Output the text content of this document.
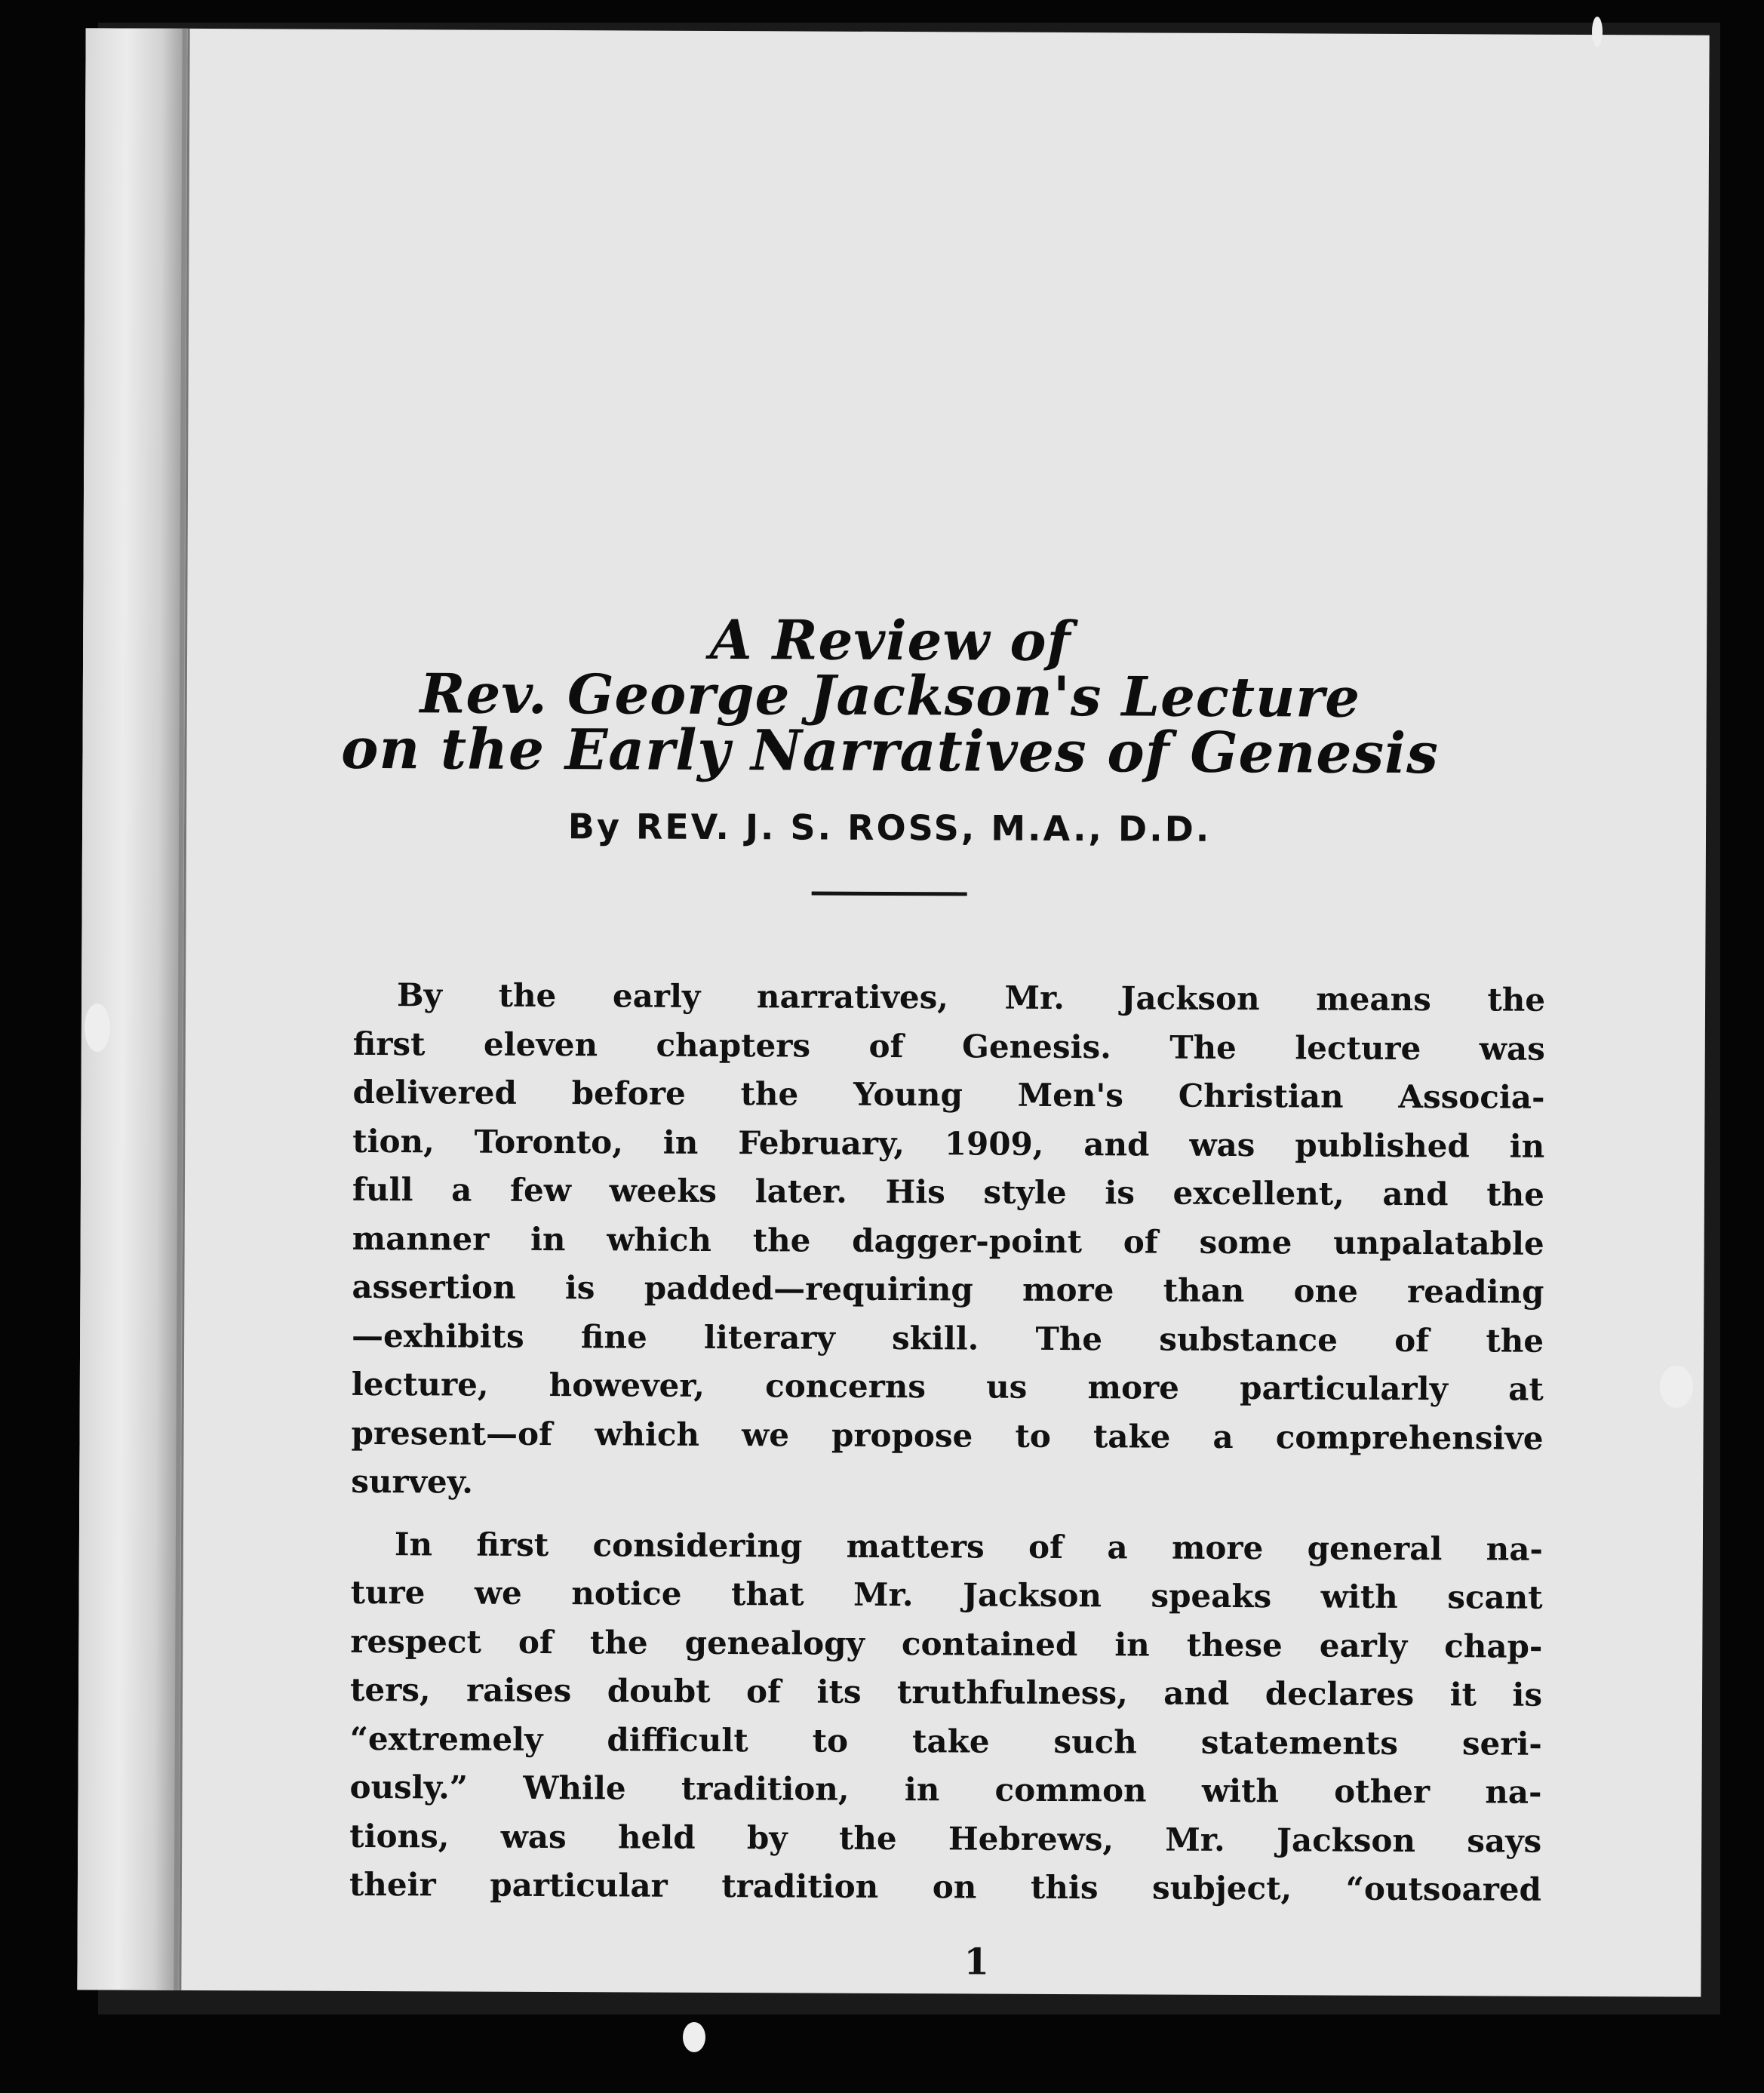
A Review of
Rev. George Jackson's Lecture
on the Early Narratives of Genesis
By REV. J. S. ROSS, M.A., D.D.
By the early narratives, Mr. Jackson means the
first eleven chapters of Genesis. The lecture was
delivered before the Young Men's Christian Associa-
tion, Toronto, in February, 1909, and was published in
full a few weeks later. His style is excellent, and the
manner in which the dagger-point of some unpalatable
assertion is padded—requiring more than one reading
—exhibits fine literary skill. The substance of the
lecture, however, concerns us more particularly at
present—of which we propose to take a comprehensive
survey.
In first considering matters of a more general na-
ture we notice that Mr. Jackson speaks with scant
respect of the genealogy contained in these early chap-
ters, raises doubt of its truthfulness, and declares it is
“extremely difficult to take such statements seri-
ously.” While tradition, in common with other na-
tions, was held by the Hebrews, Mr. Jackson says
their particular tradition on this subject, “outsoared
1
